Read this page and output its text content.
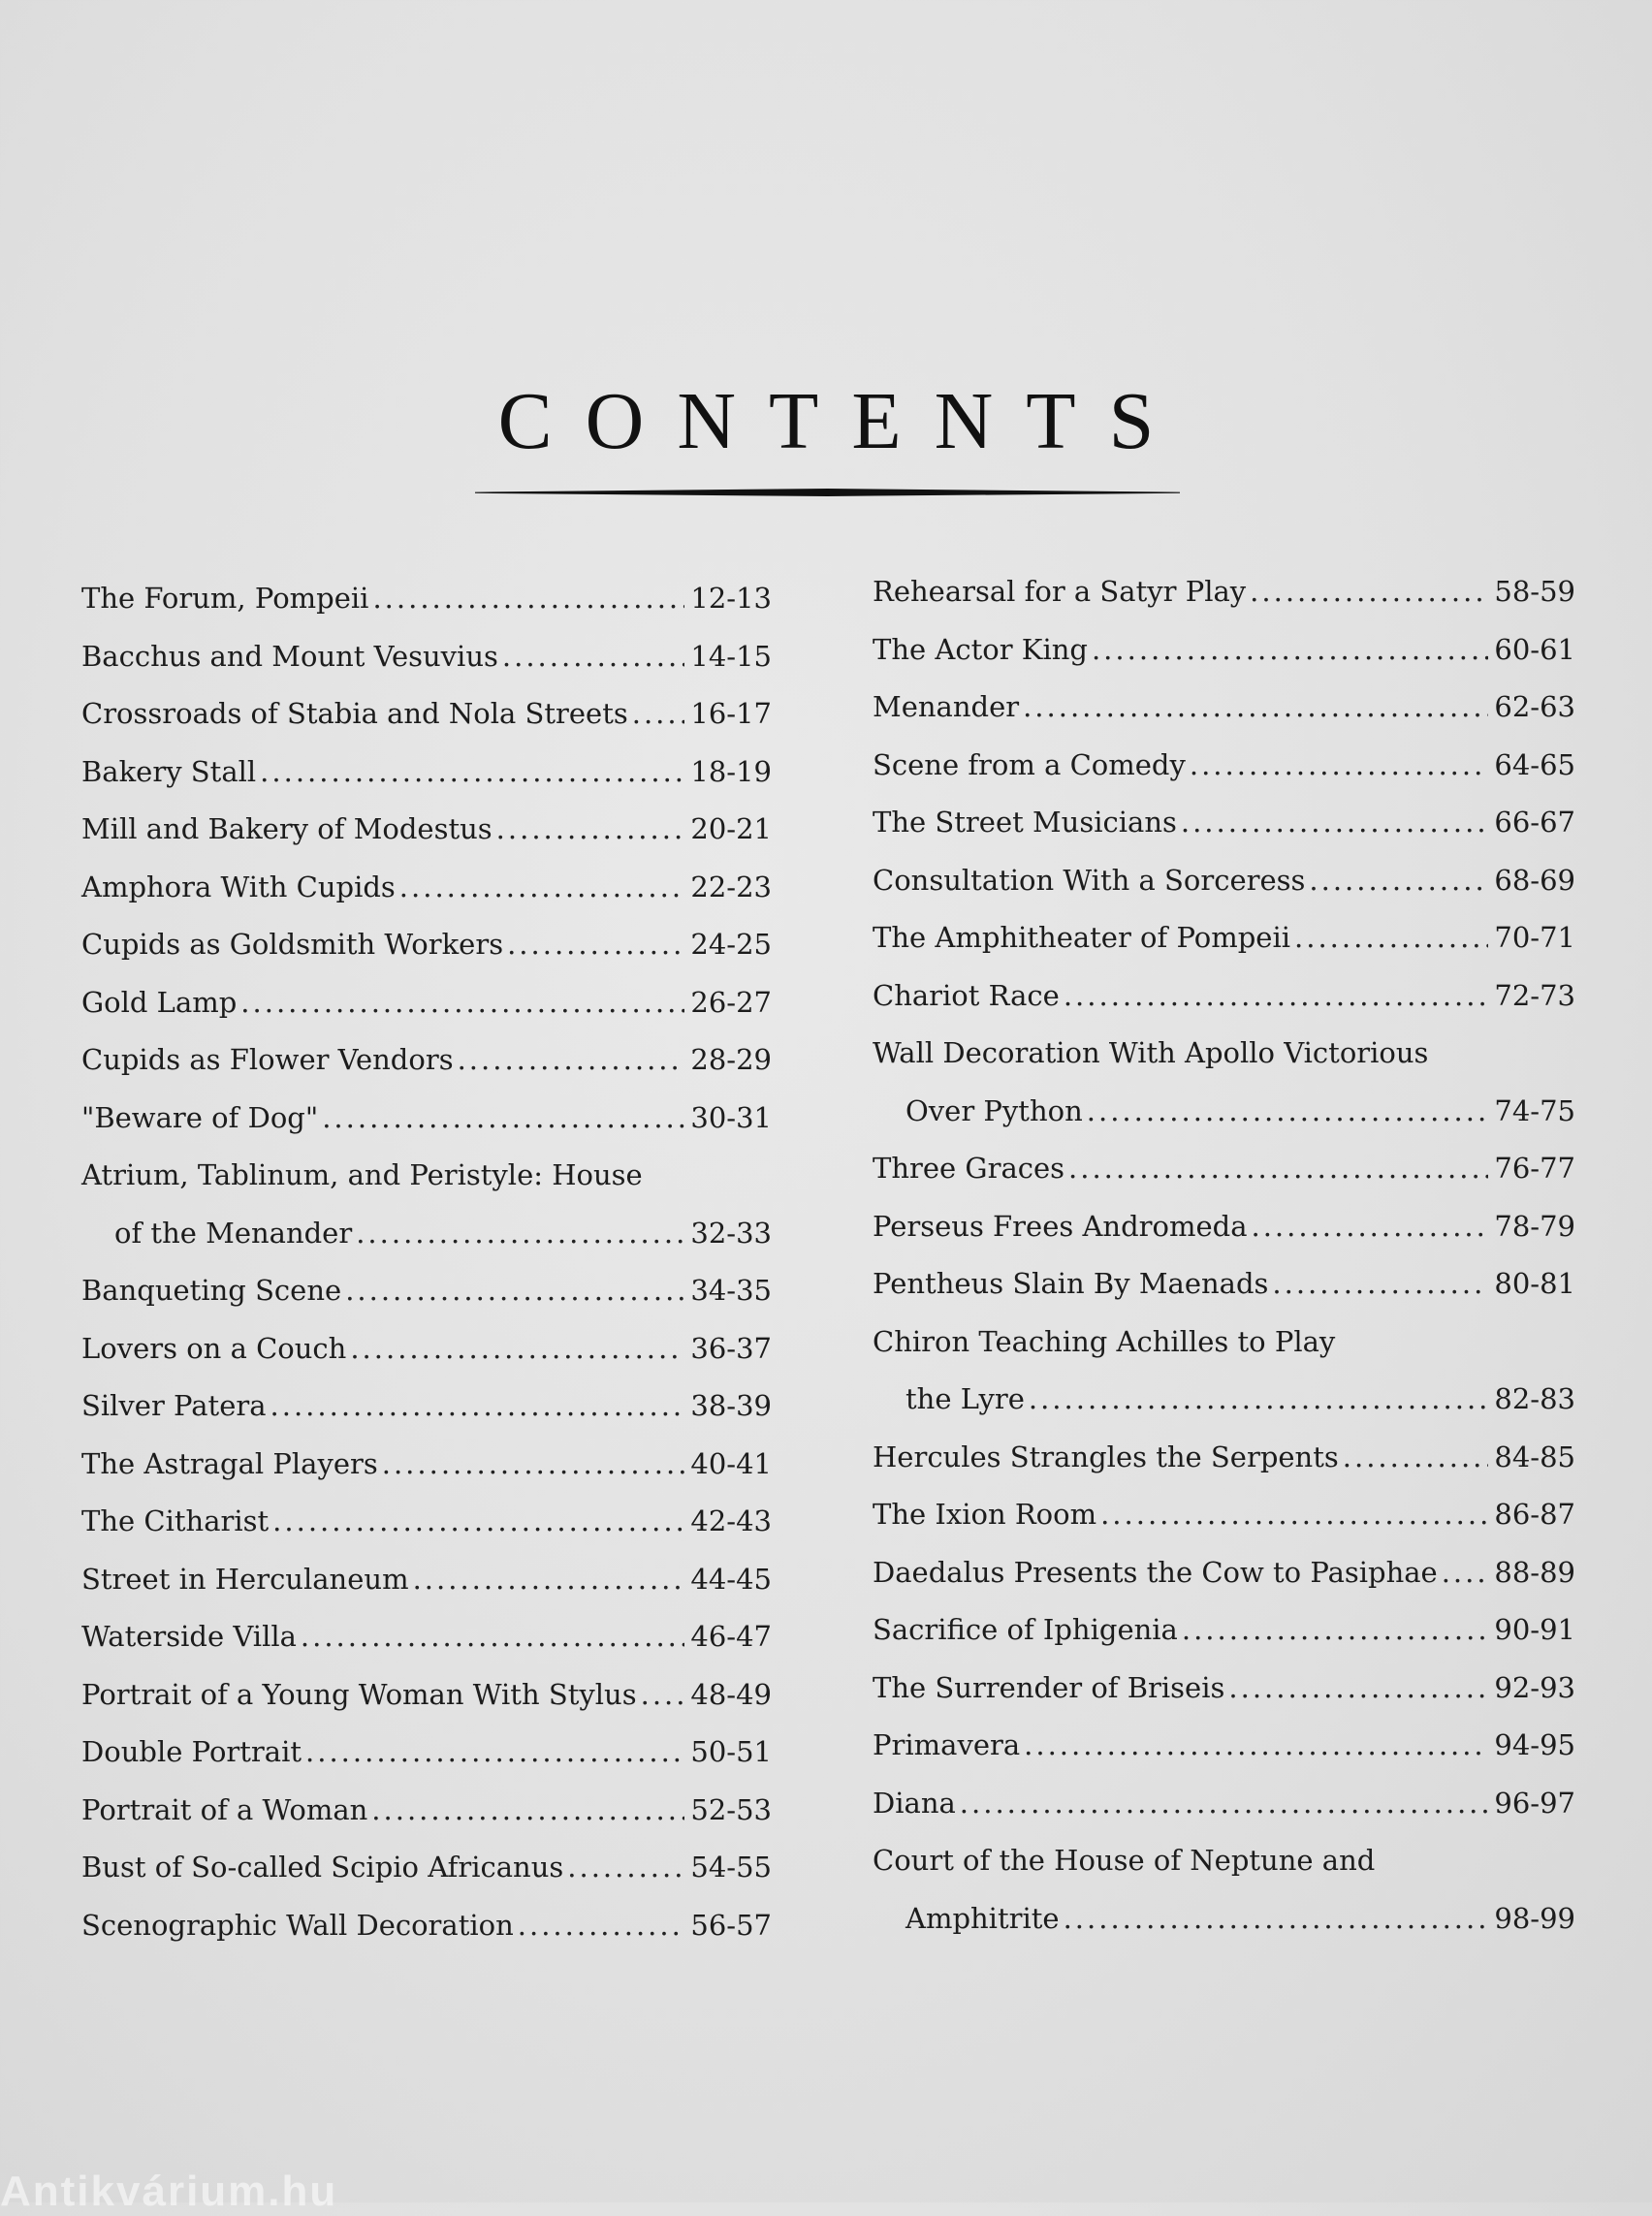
CONTENTS
The Forum, Pompeii .....	12-13
Bacchus and Mount Vesuvius .....	14-15
Crossroads of Stabia and Nola Streets ..... 16-17
Bakery Stall .....	18-19
Mill and Bakery of Modestus .....	20-21
Amphora With Cupids .....	22-23
Cupids as Goldsmith Workers .....	24-25
Gold Lamp .....	26-27
Cupids as Flower Vendors .....	28-29
"Beware of Dog" .....	30-31
Atrium, Tablinum, and Peristyle: House
of the Menander .....	32-33
Banqueting Scene .....	34-35
Lovers on a Couch .....	36-37
Silver Patera .....	38-39
The Astragal Players .....	40-41
The Citharist .....	42-43
Street in Herculaneum .....	44-45
Waterside Villa .....	46-47
Portrait of a Young Woman With Stylus ..... 48-49
Double Portrait .....	50-51
Portrait of a Woman .....	52-53
Bust of So-called Scipio Africanus .....	54-55
Scenographic Wall Decoration .....	56-57
Rehearsal for a Satyr Play .....	58-59
The Actor King .....	60-61
Menander .....	62-63
Scene from a Comedy .....	64-65
The Street Musicians .....	66-67
Consultation With a Sorceress .....	68-69
The Amphitheater of Pompeii .....	70-71
Chariot Race .....	72-73
Wall Decoration With Apollo Victorious
Over Python .....	74-75
Three Graces .....	76-77
Perseus Frees Andromeda .....	78-79
Pentheus Slain By Maenads .....	80-81
Chiron Teaching Achilles to Play
the Lyre .....	82-83
Hercules Strangles the Serpents .....	84-85
The Ixion Room .....	86-87
Daedalus Presents the Cow to Pasiphae ..... 88-89
Sacrifice of Iphigenia .....	90-91
The Surrender of Briseis .....	92-93
Primavera .....	94-95
Diana .....	96-97
Court of the House of Neptune and
Amphitrite .....	98-99
Antikvárium.hu
